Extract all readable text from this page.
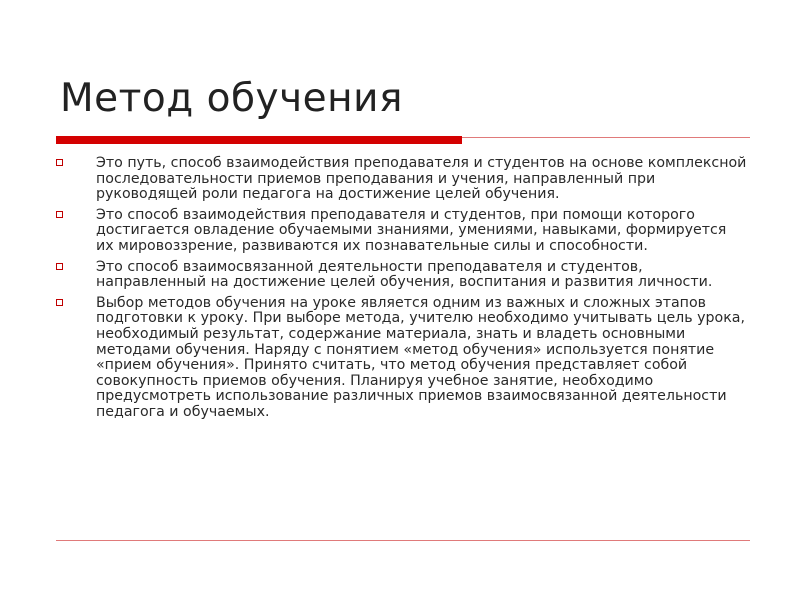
Метод обучения
Это путь, способ взаимодействия преподавателя и студентов на основе комплексной последовательности приемов преподавания и учения, направленный при руководящей роли педагога на достижение целей обучения.
Это способ взаимодействия преподавателя и студентов, при помощи которого достигается овладение обучаемыми знаниями, умениями, навыками, формируется их мировоззрение, развиваются их познавательные силы и способности.
Это способ взаимосвязанной деятельности преподавателя и студентов, направленный на достижение целей обучения, воспитания и развития личности.
Выбор методов обучения на уроке является одним из важных и сложных этапов подготовки к уроку. При выборе метода, учителю необходимо учитывать цель урока, необходимый результат, содержание материала, знать и владеть основными методами обучения. Наряду с понятием «метод обучения» используется понятие «прием обучения». Принято считать, что метод обучения представляет собой совокупность приемов обучения. Планируя учебное занятие, необходимо предусмотреть использование различных приемов взаимосвязанной деятельности педагога и обучаемых.
